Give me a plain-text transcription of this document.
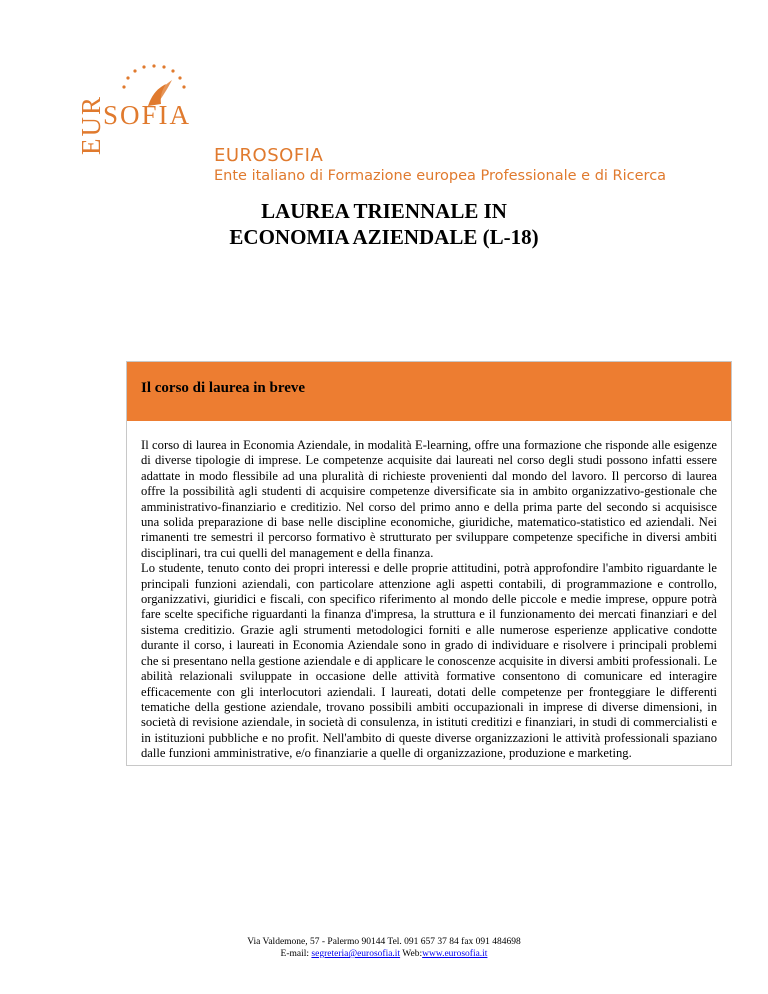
SOFIA
EUR
EUROSOFIA
Ente italiano di Formazione europea Professionale e di Ricerca
LAUREA TRIENNALE IN
ECONOMIA AZIENDALE (L-18)
Il corso di laurea in breve

Il corso di laurea in Economia Aziendale, in modalità E-learning, offre una formazione che risponde alle esigenze di diverse tipologie di imprese. Le competenze acquisite dai laureati nel corso degli studi possono infatti essere adattate in modo flessibile ad una pluralità di richieste provenienti dal mondo del lavoro. Il percorso di laurea offre la possibilità agli studenti di acquisire competenze diversificate sia in ambito organizzativo-gestionale che amministrativo-finanziario e creditizio. Nel corso del primo anno e della prima parte del secondo si acquisisce una solida preparazione di base nelle discipline economiche, giuridiche, matematico-statistico ed aziendali. Nei rimanenti tre semestri il percorso formativo è strutturato per sviluppare competenze specifiche in diversi ambiti disciplinari, tra cui quelli del management e della finanza.

Lo studente, tenuto conto dei propri interessi e delle proprie attitudini, potrà approfondire l'ambito riguardante le principali funzioni aziendali, con particolare attenzione agli aspetti contabili, di programmazione e controllo, organizzativi, giuridici e fiscali, con specifico riferimento al mondo delle piccole e medie imprese, oppure potrà fare scelte specifiche riguardanti la finanza d'impresa, la struttura e il funzionamento dei mercati finanziari e del sistema creditizio. Grazie agli strumenti metodologici forniti e alle numerose esperienze applicative condotte durante il corso, i laureati in Economia Aziendale sono in grado di individuare e risolvere i principali problemi che si presentano nella gestione aziendale e di applicare le conoscenze acquisite in diversi ambiti professionali. Le abilità relazionali sviluppate in occasione delle attività formative consentono di comunicare ed interagire efficacemente con gli interlocutori aziendali. I laureati, dotati delle competenze per fronteggiare le differenti tematiche della gestione aziendale, trovano possibili ambiti occupazionali in imprese di diverse dimensioni, in società di revisione aziendale, in società di consulenza, in istituti creditizi e finanziari, in studi di commercialisti e in istituzioni pubbliche e no profit. Nell'ambito di queste diverse organizzazioni le attività professionali spaziano dalle funzioni amministrative, e/o finanziarie a quelle di organizzazione, produzione e marketing.

Via Valdemone, 57 - Palermo 90144 Tel. 091 657 37 84 fax 091 484698
E-mail: segreteria@eurosofia.it Web:www.eurosofia.it
